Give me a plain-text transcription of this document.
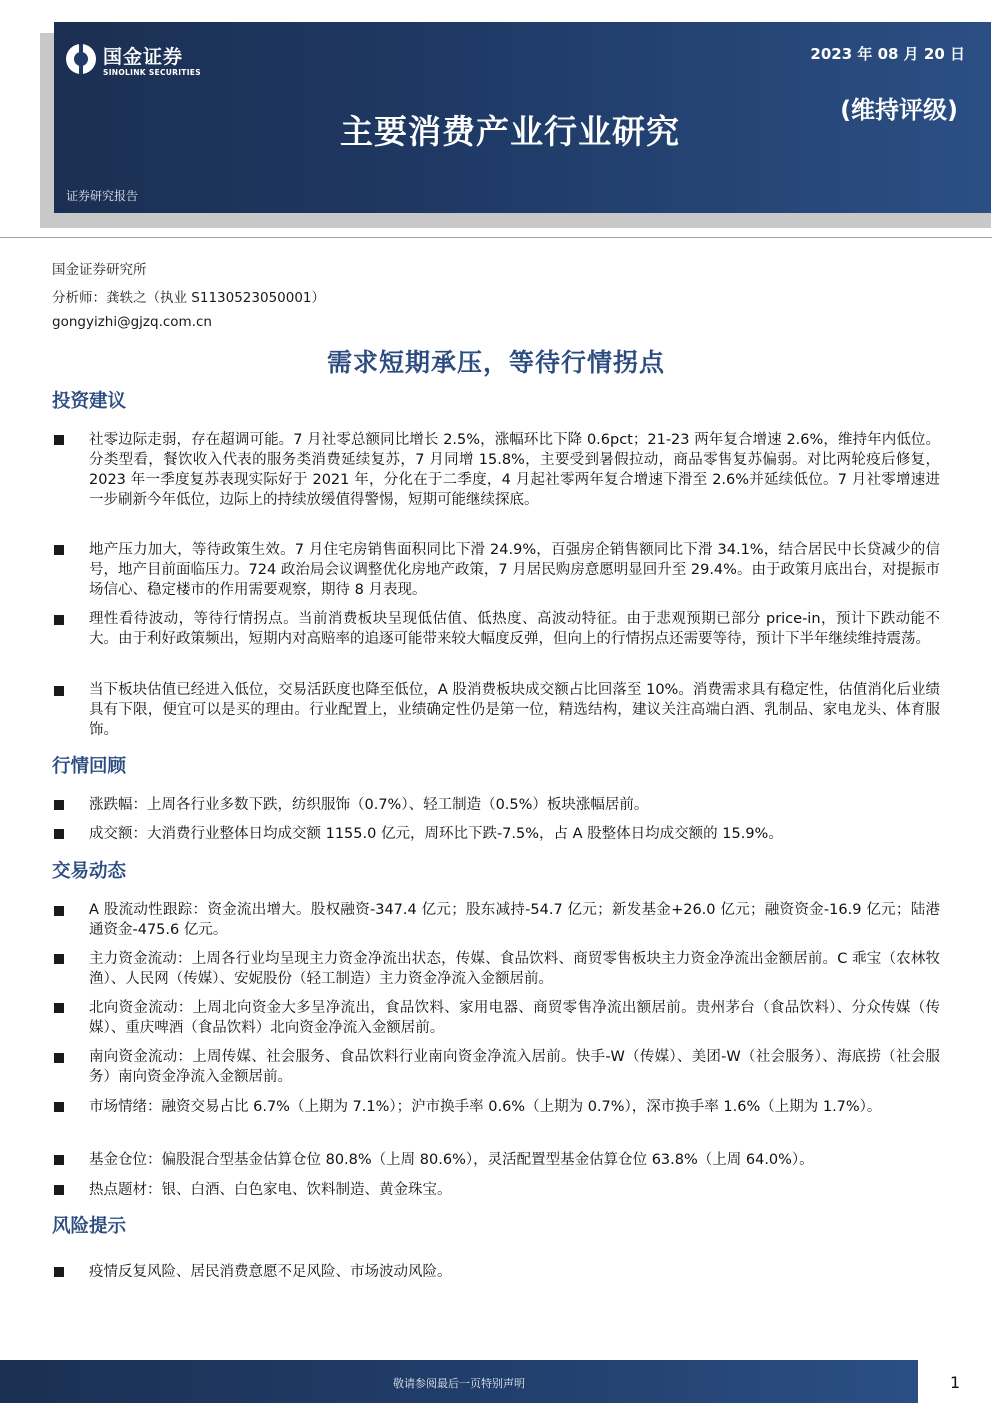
国金证券
SINOLINK SECURITIES
2023 年 08 月 20 日
主要消费产业行业研究
(维持评级)
证券研究报告
国金证券研究所
分析师：龚轶之（执业 S1130523050001）
gongyizhi@gjzq.com.cn
需求短期承压，等待行情拐点
投资建议
社零边际走弱，存在超调可能。7 月社零总额同比增长 2.5%，涨幅环比下降 0.6pct；21-23 两年复合增速 2.6%，维持年内低位。分类型看，餐饮收入代表的服务类消费延续复苏，7 月同增 15.8%，主要受到暑假拉动，商品零售复苏偏弱。对比两轮疫后修复，2023 年一季度复苏表现实际好于 2021 年，分化在于二季度，4 月起社零两年复合增速下滑至 2.6%并延续低位。7 月社零增速进一步刷新今年低位，边际上的持续放缓值得警惕，短期可能继续探底。
地产压力加大，等待政策生效。7 月住宅房销售面积同比下滑 24.9%，百强房企销售额同比下滑 34.1%，结合居民中长贷减少的信号，地产目前面临压力。724 政治局会议调整优化房地产政策，7 月居民购房意愿明显回升至 29.4%。由于政策月底出台，对提振市场信心、稳定楼市的作用需要观察，期待 8 月表现。
理性看待波动，等待行情拐点。当前消费板块呈现低估值、低热度、高波动特征。由于悲观预期已部分 price-in，预计下跌动能不大。由于利好政策频出，短期内对高赔率的追逐可能带来较大幅度反弹，但向上的行情拐点还需要等待，预计下半年继续维持震荡。
当下板块估值已经进入低位，交易活跃度也降至低位，A 股消费板块成交额占比回落至 10%。消费需求具有稳定性，估值消化后业绩具有下限，便宜可以是买的理由。行业配置上，业绩确定性仍是第一位，精选结构，建议关注高端白酒、乳制品、家电龙头、体育服饰。
行情回顾
涨跌幅：上周各行业多数下跌，纺织服饰（0.7%）、轻工制造（0.5%）板块涨幅居前。
成交额：大消费行业整体日均成交额 1155.0 亿元，周环比下跌-7.5%，占 A 股整体日均成交额的 15.9%。
交易动态
A 股流动性跟踪：资金流出增大。股权融资-347.4 亿元；股东减持-54.7 亿元；新发基金+26.0 亿元；融资资金-16.9 亿元；陆港通资金-475.6 亿元。
主力资金流动：上周各行业均呈现主力资金净流出状态，传媒、食品饮料、商贸零售板块主力资金净流出金额居前。C 乖宝（农林牧渔）、人民网（传媒）、安妮股份（轻工制造）主力资金净流入金额居前。
北向资金流动：上周北向资金大多呈净流出，食品饮料、家用电器、商贸零售净流出额居前。贵州茅台（食品饮料）、分众传媒（传媒）、重庆啤酒（食品饮料）北向资金净流入金额居前。
南向资金流动：上周传媒、社会服务、食品饮料行业南向资金净流入居前。快手-W（传媒）、美团-W（社会服务）、海底捞（社会服务）南向资金净流入金额居前。
市场情绪：融资交易占比 6.7%（上期为 7.1%）；沪市换手率 0.6%（上期为 0.7%），深市换手率 1.6%（上期为 1.7%）。
基金仓位：偏股混合型基金估算仓位 80.8%（上周 80.6%），灵活配置型基金估算仓位 63.8%（上周 64.0%）。
热点题材：银、白酒、白色家电、饮料制造、黄金珠宝。
风险提示
疫情反复风险、居民消费意愿不足风险、市场波动风险。
敬请参阅最后一页特别声明	1
